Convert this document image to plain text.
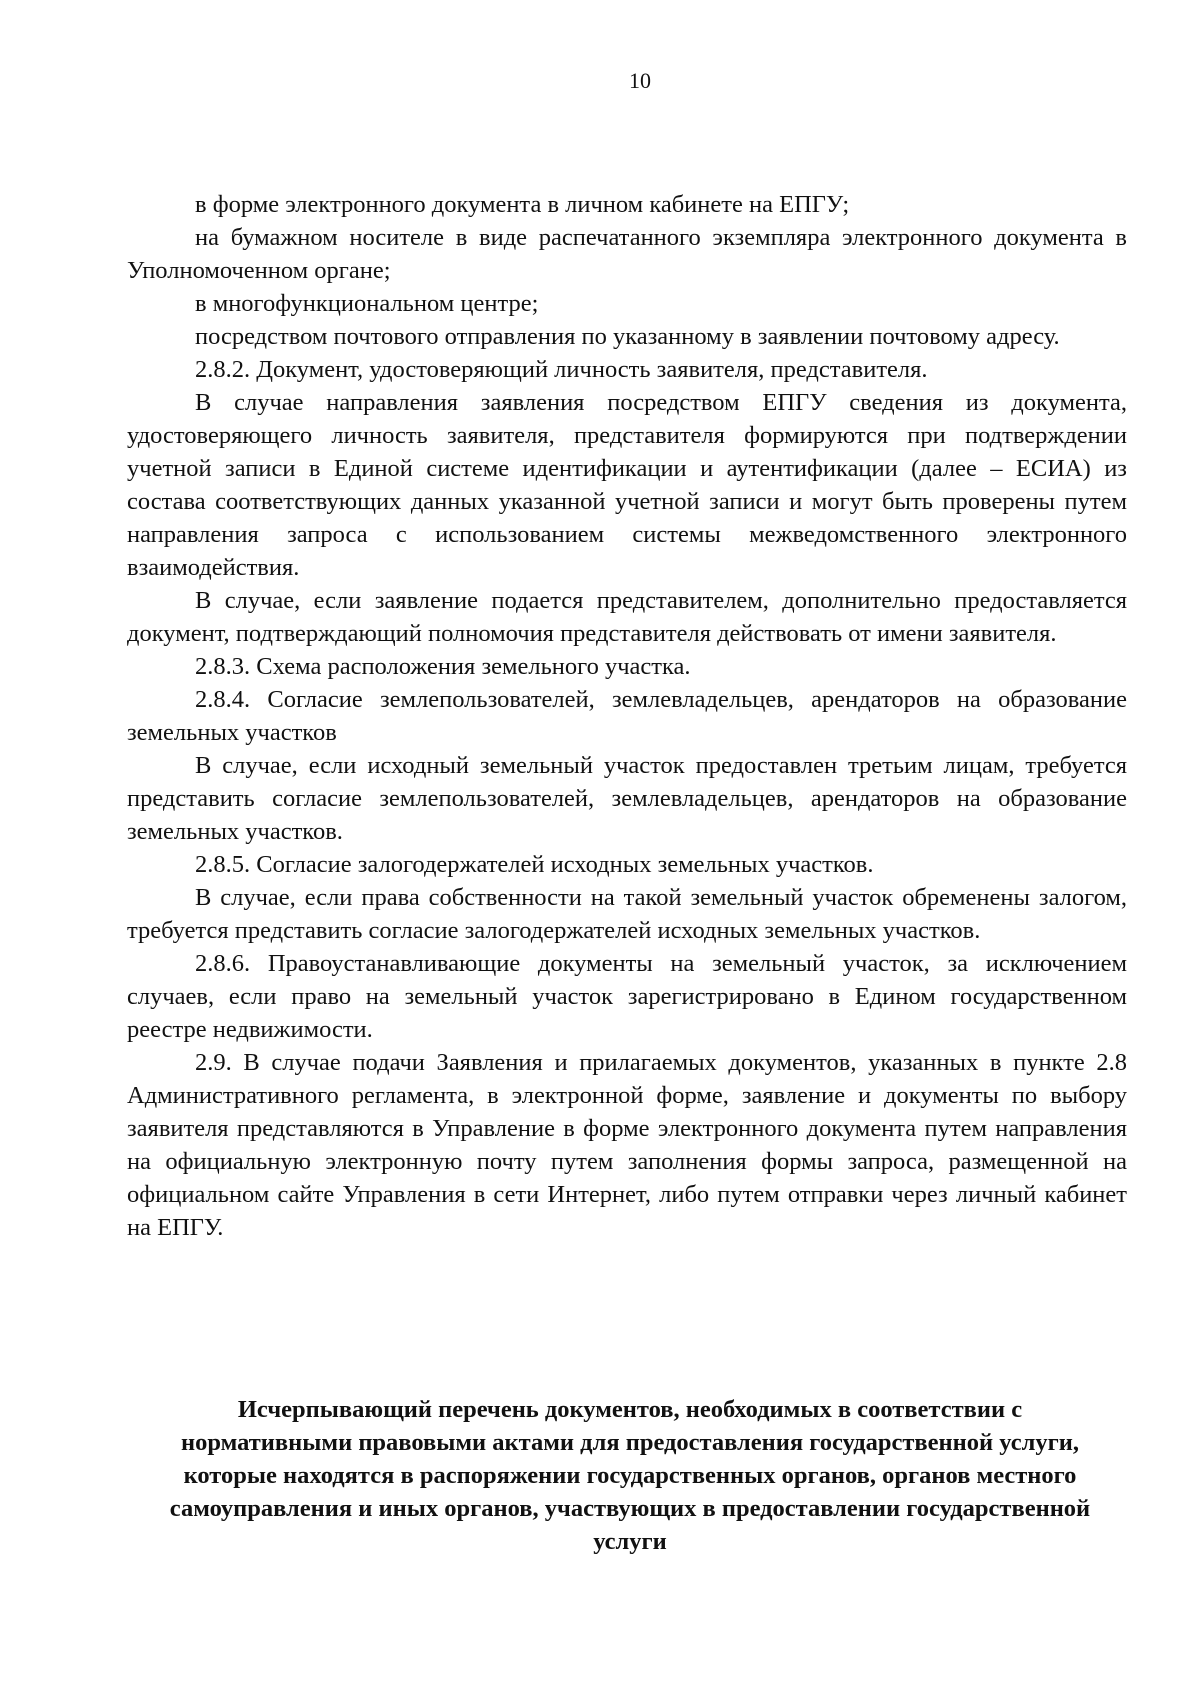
10

в форме электронного документа в личном кабинете на ЕПГУ;

на бумажном носителе в виде распечатанного экземпляра электронного документа в Уполномоченном органе;

в многофункциональном центре;

посредством почтового отправления по указанному в заявлении почтовому адресу.

2.8.2. Документ, удостоверяющий личность заявителя, представителя.

В случае направления заявления посредством ЕПГУ сведения из документа, удостоверяющего личность заявителя, представителя формируются при подтверждении учетной записи в Единой системе идентификации и аутентификации (далее – ЕСИА) из состава соответствующих данных указанной учетной записи и могут быть проверены путем направления запроса с использованием системы межведомственного электронного взаимодействия.

В случае, если заявление подается представителем, дополнительно предоставляется документ, подтверждающий полномочия представителя действовать от имени заявителя.

2.8.3. Схема расположения земельного участка.

2.8.4. Согласие землепользователей, землевладельцев, арендаторов на образование земельных участков

В случае, если исходный земельный участок предоставлен третьим лицам, требуется представить согласие землепользователей, землевладельцев, арендаторов на образование земельных участков.

2.8.5. Согласие залогодержателей исходных земельных участков.

В случае, если права собственности на такой земельный участок обременены залогом, требуется представить согласие залогодержателей исходных земельных участков.

2.8.6. Правоустанавливающие документы на земельный участок, за исключением случаев, если право на земельный участок зарегистрировано в Едином государственном реестре недвижимости.

2.9. В случае подачи Заявления и прилагаемых документов, указанных в пункте 2.8 Административного регламента, в электронной форме, заявление и документы по выбору заявителя представляются в Управление в форме электронного документа путем направления на официальную электронную почту путем заполнения формы запроса, размещенной на официальном сайте Управления в сети Интернет, либо путем отправки через личный кабинет на ЕПГУ.

Исчерпывающий перечень документов, необходимых в соответствии с нормативными правовыми актами для предоставления государственной услуги, которые находятся в распоряжении государственных органов, органов местного самоуправления и иных органов, участвующих в предоставлении государственной услуги
